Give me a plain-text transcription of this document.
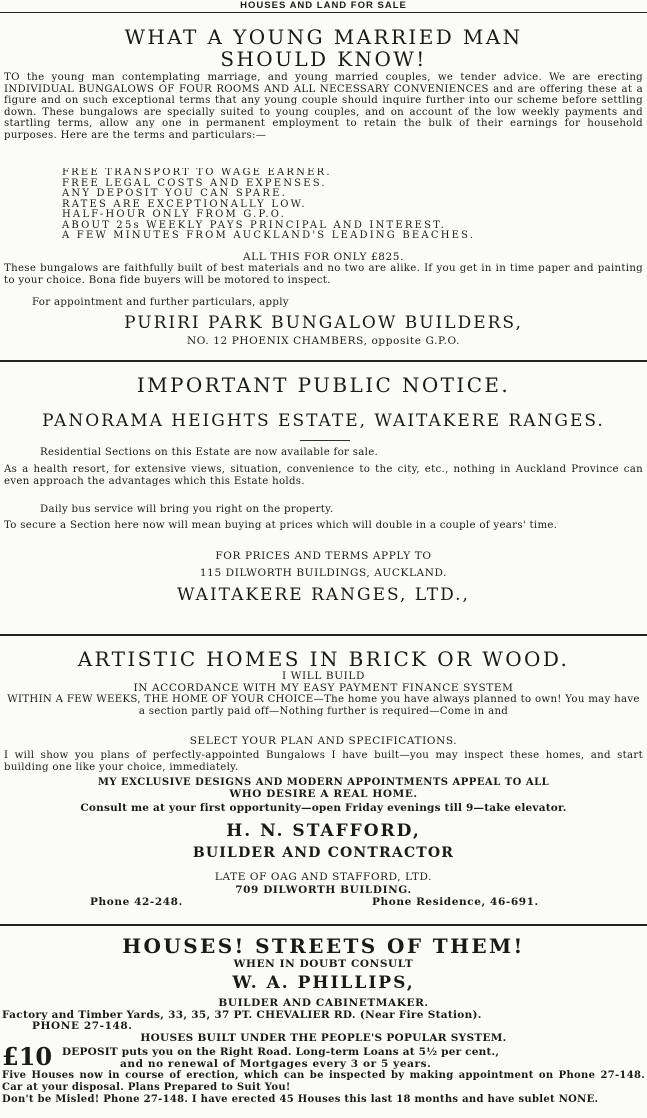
HOUSES AND LAND FOR SALE
WHAT A YOUNG MARRIED MAN
SHOULD KNOW!
TO the young man contemplating marriage, and young married couples, we tender advice. We are erecting INDIVIDUAL BUNGALOWS OF FOUR ROOMS AND ALL NECESSARY CONVENIENCES and are offering these at a figure and on such exceptional terms that any young couple should inquire further into our scheme before settling down. These bungalows are specially suited to young couples, and on account of the low weekly payments and startling terms, allow any one in permanent employment to retain the bulk of their earnings for household purposes. Here are the terms and particulars:—
FREE TRANSPORT TO WAGE EARNER.
FREE LEGAL COSTS AND EXPENSES.
ANY DEPOSIT YOU CAN SPARE.
RATES ARE EXCEPTIONALLY LOW.
HALF-HOUR ONLY FROM G.P.O.
ABOUT 25s WEEKLY PAYS PRINCIPAL AND INTEREST.
A FEW MINUTES FROM AUCKLAND'S LEADING BEACHES.
ALL THIS FOR ONLY £825.
These bungalows are faithfully built of best materials and no two are alike. If you get in in time paper and painting to your choice. Bona fide buyers will be motored to inspect.
For appointment and further particulars, apply
PURIRI PARK BUNGALOW BUILDERS,
NO. 12 PHOENIX CHAMBERS, opposite G.P.O.
IMPORTANT PUBLIC NOTICE.
PANORAMA HEIGHTS ESTATE, WAITAKERE RANGES.
Residential Sections on this Estate are now available for sale.
As a health resort, for extensive views, situation, convenience to the city, etc., nothing in Auckland Province can even approach the advantages which this Estate holds.
Daily bus service will bring you right on the property.
To secure a Section here now will mean buying at prices which will double in a couple of years' time.
FOR PRICES AND TERMS APPLY TO
115 DILWORTH BUILDINGS, AUCKLAND.
WAITAKERE RANGES, LTD.,
ARTISTIC HOMES IN BRICK OR WOOD.
I WILL BUILD
IN ACCORDANCE WITH MY EASY PAYMENT FINANCE SYSTEM
WITHIN A FEW WEEKS, THE HOME OF YOUR CHOICE—The home you have always planned to own! You may have a section partly paid off—Nothing further is required—Come in and
SELECT YOUR PLAN AND SPECIFICATIONS.
I will show you plans of perfectly-appointed Bungalows I have built—you may inspect these homes, and start building one like your choice, immediately.
MY EXCLUSIVE DESIGNS AND MODERN APPOINTMENTS APPEAL TO ALL
WHO DESIRE A REAL HOME.
Consult me at your first opportunity—open Friday evenings till 9—take elevator.
H. N. STAFFORD,
BUILDER AND CONTRACTOR
LATE OF OAG AND STAFFORD, LTD.
709 DILWORTH BUILDING.
Phone 42-248.	Phone Residence, 46-691.
HOUSES! STREETS OF THEM!
WHEN IN DOUBT CONSULT
W. A. PHILLIPS,
BUILDER AND CABINETMAKER.
Factory and Timber Yards, 33, 35, 37 PT. CHEVALIER RD. (Near Fire Station).
PHONE 27-148.
HOUSES BUILT UNDER THE PEOPLE'S POPULAR SYSTEM.
£10 DEPOSIT puts you on the Right Road. Long-term Loans at 5½ per cent.,
and no renewal of Mortgages every 3 or 5 years.
Five Houses now in course of erection, which can be inspected by making appointment on Phone 27-148. Car at your disposal. Plans Prepared to Suit You!
Don't be Misled! Phone 27-148. I have erected 45 Houses this last 18 months and have sublet NONE.
